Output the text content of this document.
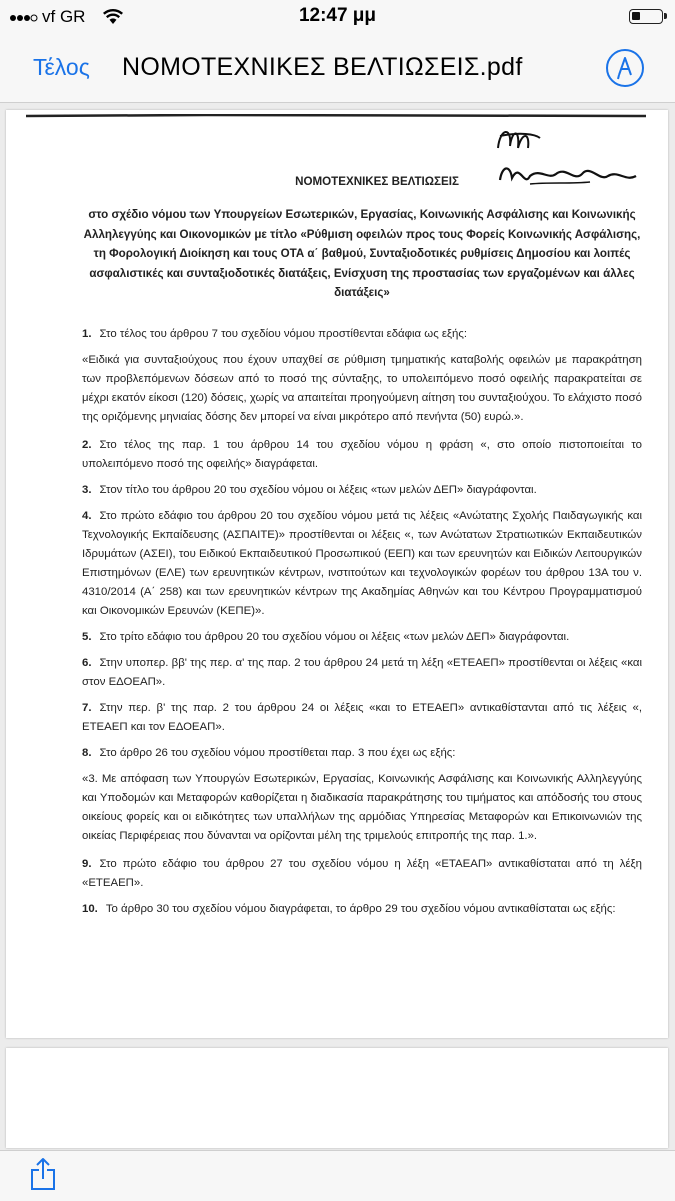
vf GR	12:47 μμ
Τέλος ΝΟΜΟΤΕΧΝΙΚΕΣ ΒΕΛΤΙΩΣΕΙΣ.pdf
ΝΟΜΟΤΕΧΝΙΚΕΣ ΒΕΛΤΙΩΣΕΙΣ
στο σχέδιο νόμου των Υπουργείων Εσωτερικών, Εργασίας, Κοινωνικής Ασφάλισης και Κοινωνικής Αλληλεγγύης και Οικονομικών με τίτλο «Ρύθμιση οφειλών προς τους Φορείς Κοινωνικής Ασφάλισης, τη Φορολογική Διοίκηση και τους ΟΤΑ α΄ βαθμού, Συνταξιοδοτικές ρυθμίσεις Δημοσίου και λοιπές ασφαλιστικές και συνταξιοδοτικές διατάξεις, Ενίσχυση της προστασίας των εργαζομένων και άλλες διατάξεις»

1. Στο τέλος του άρθρου 7 του σχεδίου νόμου προστίθενται εδάφια ως εξής:

«Ειδικά για συνταξιούχους που έχουν υπαχθεί σε ρύθμιση τμηματικής καταβολής οφειλών με παρακράτηση των προβλεπόμενων δόσεων από το ποσό της σύνταξης, το υπολειπόμενο ποσό οφειλής παρακρατείται σε μέχρι εκατόν είκοσι (120) δόσεις, χωρίς να απαιτείται προηγούμενη αίτηση του συνταξιούχου. Το ελάχιστο ποσό της οριζόμενης μηνιαίας δόσης δεν μπορεί να είναι μικρότερο από πενήντα (50) ευρώ.».

2. Στο τέλος της παρ. 1 του άρθρου 14 του σχεδίου νόμου η φράση «, στο οποίο πιστοποιείται το υπολειπόμενο ποσό της οφειλής» διαγράφεται.

3. Στον τίτλο του άρθρου 20 του σχεδίου νόμου οι λέξεις «των μελών ΔΕΠ» διαγράφονται.

4. Στο πρώτο εδάφιο του άρθρου 20 του σχεδίου νόμου μετά τις λέξεις «Ανώτατης Σχολής Παιδαγωγικής και Τεχνολογικής Εκπαίδευσης (ΑΣΠΑΙΤΕ)» προστίθενται οι λέξεις «, των Ανώτατων Στρατιωτικών Εκπαιδευτικών Ιδρυμάτων (ΑΣΕΙ), του Ειδικού Εκπαιδευτικού Προσωπικού (ΕΕΠ) και των ερευνητών και Ειδικών Λειτουργικών Επιστημόνων (ΕΛΕ) των ερευνητικών κέντρων, ινστιτούτων και τεχνολογικών φορέων του άρθρου 13Α του ν. 4310/2014 (Α΄ 258) και των ερευνητικών κέντρων της Ακαδημίας Αθηνών και του Κέντρου Προγραμματισμού και Οικονομικών Ερευνών (ΚΕΠΕ)».

5. Στο τρίτο εδάφιο του άρθρου 20 του σχεδίου νόμου οι λέξεις «των μελών ΔΕΠ» διαγράφονται.

6. Στην υποπερ. ββ' της περ. α' της παρ. 2 του άρθρου 24 μετά τη λέξη «ΕΤΕΑΕΠ» προστίθενται οι λέξεις «και στον ΕΔΟΕΑΠ».

7. Στην περ. β' της παρ. 2 του άρθρου 24 οι λέξεις «και το ΕΤΕΑΕΠ» αντικαθίστανται από τις λέξεις «, ΕΤΕΑΕΠ και τον ΕΔΟΕΑΠ».

8. Στο άρθρο 26 του σχεδίου νόμου προστίθεται παρ. 3 που έχει ως εξής:

«3. Με απόφαση των Υπουργών Εσωτερικών, Εργασίας, Κοινωνικής Ασφάλισης και Κοινωνικής Αλληλεγγύης και Υποδομών και Μεταφορών καθορίζεται η διαδικασία παρακράτησης του τιμήματος και απόδοσής του στους οικείους φορείς και οι ειδικότητες των υπαλλήλων της αρμόδιας Υπηρεσίας Μεταφορών και Επικοινωνιών της οικείας Περιφέρειας που δύνανται να ορίζονται μέλη της τριμελούς επιτροπής της παρ. 1.».

9. Στο πρώτο εδάφιο του άρθρου 27 του σχεδίου νόμου η λέξη «ΕΤΑΕΑΠ» αντικαθίσταται από τη λέξη «ΕΤΕΑΕΠ».

10. Το άρθρο 30 του σχεδίου νόμου διαγράφεται, το άρθρο 29 του σχεδίου νόμου αντικαθίσταται ως εξής:
